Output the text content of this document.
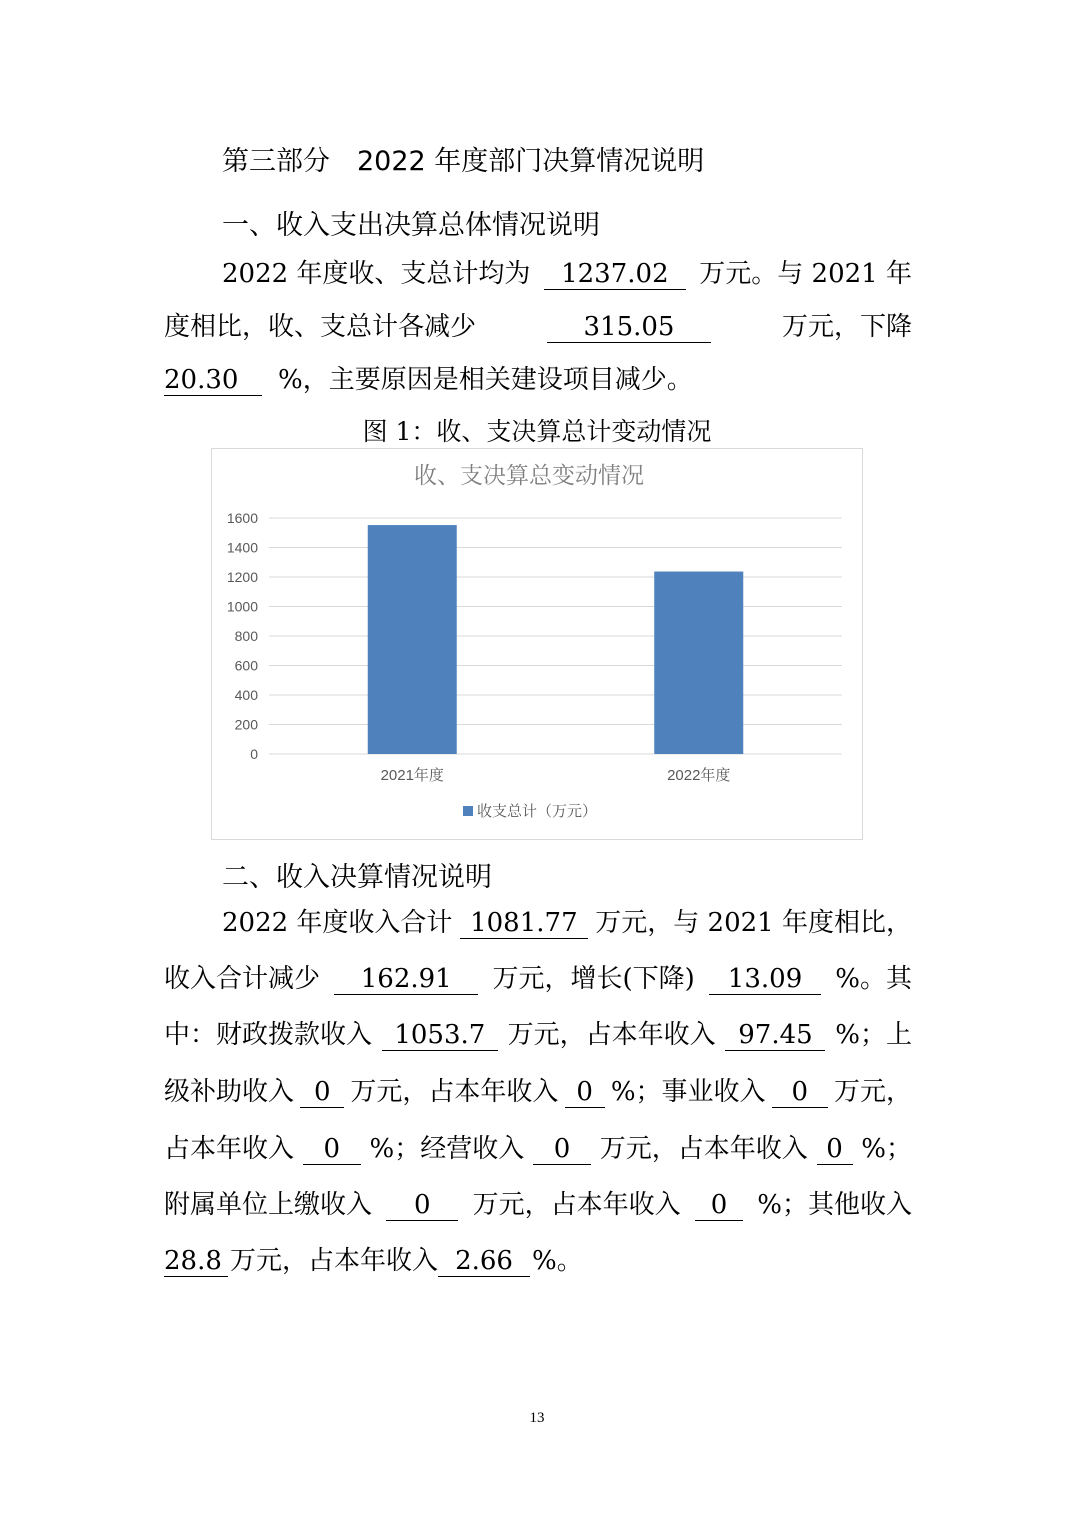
第三部分　2022 年度部门决算情况说明
一、收入支出决算总体情况说明
2022 年度收、支总计均为	1237.02	万元。与 2021 年
度相比，收、支总计各减少	315.05	万元，下降
20.30	%，主要原因是相关建设项目减少。
图 1：收、支决算总计变动情况
收、支决算总变动情况
0
200
400
600
800
1000
1200
1400
1600
2021年度	2022年度
收支总计（万元）
二、收入决算情况说明
2022 年度收入合计 1081.77 万元，与 2021 年度相比，
收入合计减少	162.91	万元，增长(下降)	13.09	%。其
中：财政拨款收入 1053.7 万元，占本年收入 97.45 %；上
级补助收入 0 万元，占本年收入 0 %；事业收入 0 万元，
占本年收入	0	%；经营收入	0	万元，占本年收入 0 %；
附属单位上缴收入	0	万元，占本年收入	0	%；其他收入
28.8 万元，占本年收入 2.66 %。
13
